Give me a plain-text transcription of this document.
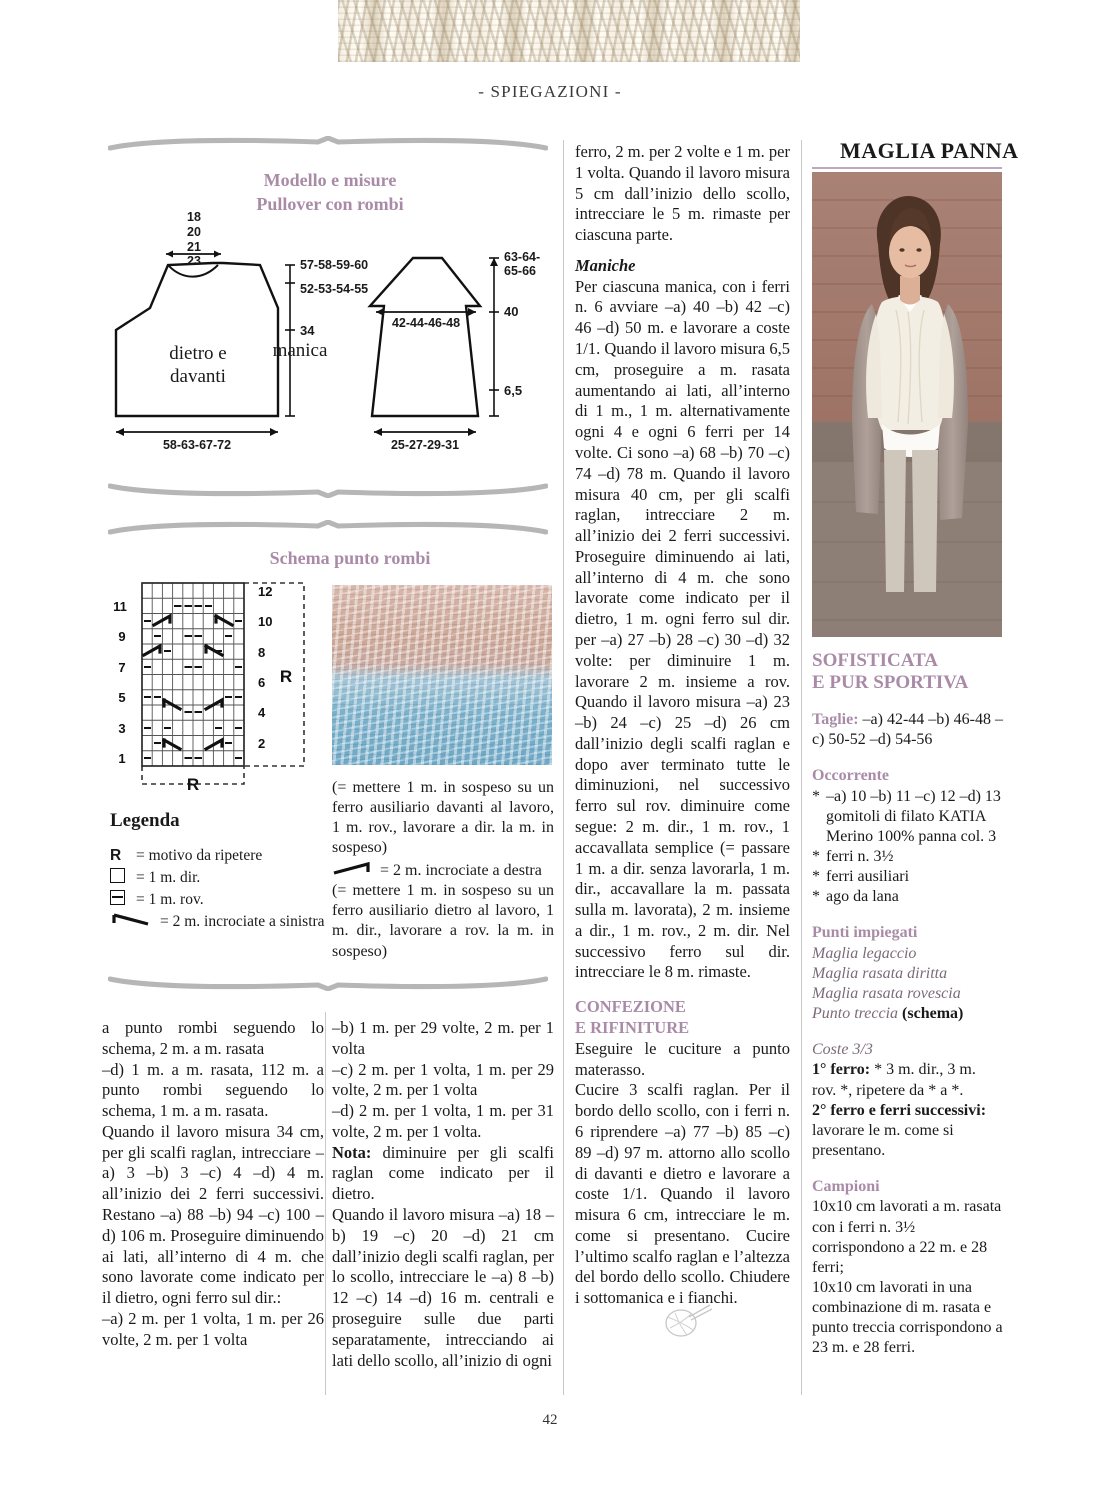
- SPIEGAZIONI -
Modello e misure
Pullover con rombi
18
20
21
23	57-58-59-60
52-53-54-55
34
58-63-67-72
dietro e
davanti
63-64-65-66
40
6,5
42-44-46-48
25-27-29-31
manica
Schema punto rombi
11
9
7
5
3
1
12
10
8
6
4
2
R
R	(= mettere 1 m. in sospeso su un ferro ausiliario davanti al lavoro, 1 m. rov., lavorare a dir. la m. in sospeso)

= 2 m. incrociate a destra

(= mettere 1 m. in sospeso su un ferro ausiliario dietro al lavoro, 1 m. dir., lavorare a rov. la m. in sospeso)

Legenda
R = motivo da ripetere
= 1 m. dir.
= 1 m. rov.
= 2 m. incrociate a sinistra

a punto rombi seguendo lo schema, 2 m. a m. rasata

–d) 1 m. a m. rasata, 112 m. a punto rombi seguendo lo schema, 1 m. a m. rasata.

Quando il lavoro misura 34 cm, per gli scalfi raglan, intrecciare –a) 3 –b) 3 –c) 4 –d) 4 m. all’inizio dei 2 ferri successivi. Restano –a) 88 –b) 94 –c) 100 –d) 106 m. Proseguire diminuendo ai lati, all’interno di 4 m. che sono lavorate come indicato per il dietro, ogni ferro sul dir.:

–a) 2 m. per 1 volta, 1 m. per 26 volte, 2 m. per 1 volta

–b) 1 m. per 29 volte, 2 m. per 1 volta

–c) 2 m. per 1 volta, 1 m. per 29 volte, 2 m. per 1 volta

–d) 2 m. per 1 volta, 1 m. per 31 volte, 2 m. per 1 volta.

Nota: diminuire per gli scalfi raglan come indicato per il dietro.

Quando il lavoro misura –a) 18 –b) 19 –c) 20 –d) 21 cm dall’inizio degli scalfi raglan, per lo scollo, intrecciare le –a) 8 –b) 12 –c) 14 –d) 16 m. centrali e proseguire sulle due parti separatamente, intrecciando ai lati dello scollo, all’inizio di ogni

ferro, 2 m. per 2 volte e 1 m. per 1 volta. Quando il lavoro misura 5 cm dall’inizio dello scollo, intrecciare le 5 m. rimaste per ciascuna parte.

Maniche

Per ciascuna manica, con i ferri n. 6 avviare –a) 40 –b) 42 –c) 46 –d) 50 m. e lavorare a coste 1/1. Quando il lavoro misura 6,5 cm, proseguire a m. rasata aumentando ai lati, all’interno di 1 m., 1 m. alternativamente ogni 4 e ogni 6 ferri per 14 volte. Ci sono –a) 68 –b) 70 –c) 74 –d) 78 m. Quando il lavoro misura 40 cm, per gli scalfi raglan, intrecciare 2 m. all’inizio dei 2 ferri successivi. Proseguire diminuendo ai lati, all’interno di 4 m. che sono lavorate come indicato per il dietro, 1 m. ogni ferro sul dir. per –a) 27 –b) 28 –c) 30 –d) 32 volte: per diminuire 1 m. lavorare 2 m. insieme a rov. Quando il lavoro misura –a) 23 –b) 24 –c) 25 –d) 26 cm dall’inizio degli scalfi raglan e dopo aver terminato tutte le diminuzioni, nel successivo ferro sul rov. diminuire come segue: 2 m. dir., 1 m. rov., 1 accavallata semplice (= passare 1 m. a dir. senza lavorarla, 1 m. dir., accavallare la m. passata sulla m. lavorata), 2 m. insieme a dir., 1 m. rov., 2 m. dir. Nel successivo ferro sul dir. intrecciare le 8 m. rimaste.

CONFEZIONE

E RIFINITURE

Eseguire le cuciture a punto materasso.

Cucire 3 scalfi raglan. Per il bordo dello scollo, con i ferri n. 6 riprendere –a) 77 –b) 85 –c) 89 –d) 97 m. attorno allo scollo di davanti e dietro e lavorare a coste 1/1. Quando il lavoro misura 6 cm, intrecciare le m. come si presentano. Cucire l’ultimo scalfo raglan e l’altezza del bordo dello scollo. Chiudere i sottomanica e i fianchi.

MAGLIA PANNA

SOFISTICATA

E PUR SPORTIVA

Taglie: –a) 42-44 –b) 46-48 –c) 50-52 –d) 54-56

Occorrente

* –a) 10 –b) 11 –c) 12 –d) 13 gomitoli di filato KATIA Merino 100% panna col. 3
* ferri n. 3½
* ferri ausiliari
* ago da lana

Punti impiegati

Maglia legaccio

Maglia rasata diritta

Maglia rasata rovescia

Punto treccia (schema)

Coste 3/3

1° ferro: * 3 m. dir., 3 m. rov. *, ripetere da * a *.

2° ferro e ferri successivi: lavorare le m. come si presentano.

Campioni

10x10 cm lavorati a m. rasata con i ferri n. 3½ corrispondono a 22 m. e 28 ferri;

10x10 cm lavorati in una combinazione di m. rasata e punto treccia corrispondono a 23 m. e 28 ferri.

42
